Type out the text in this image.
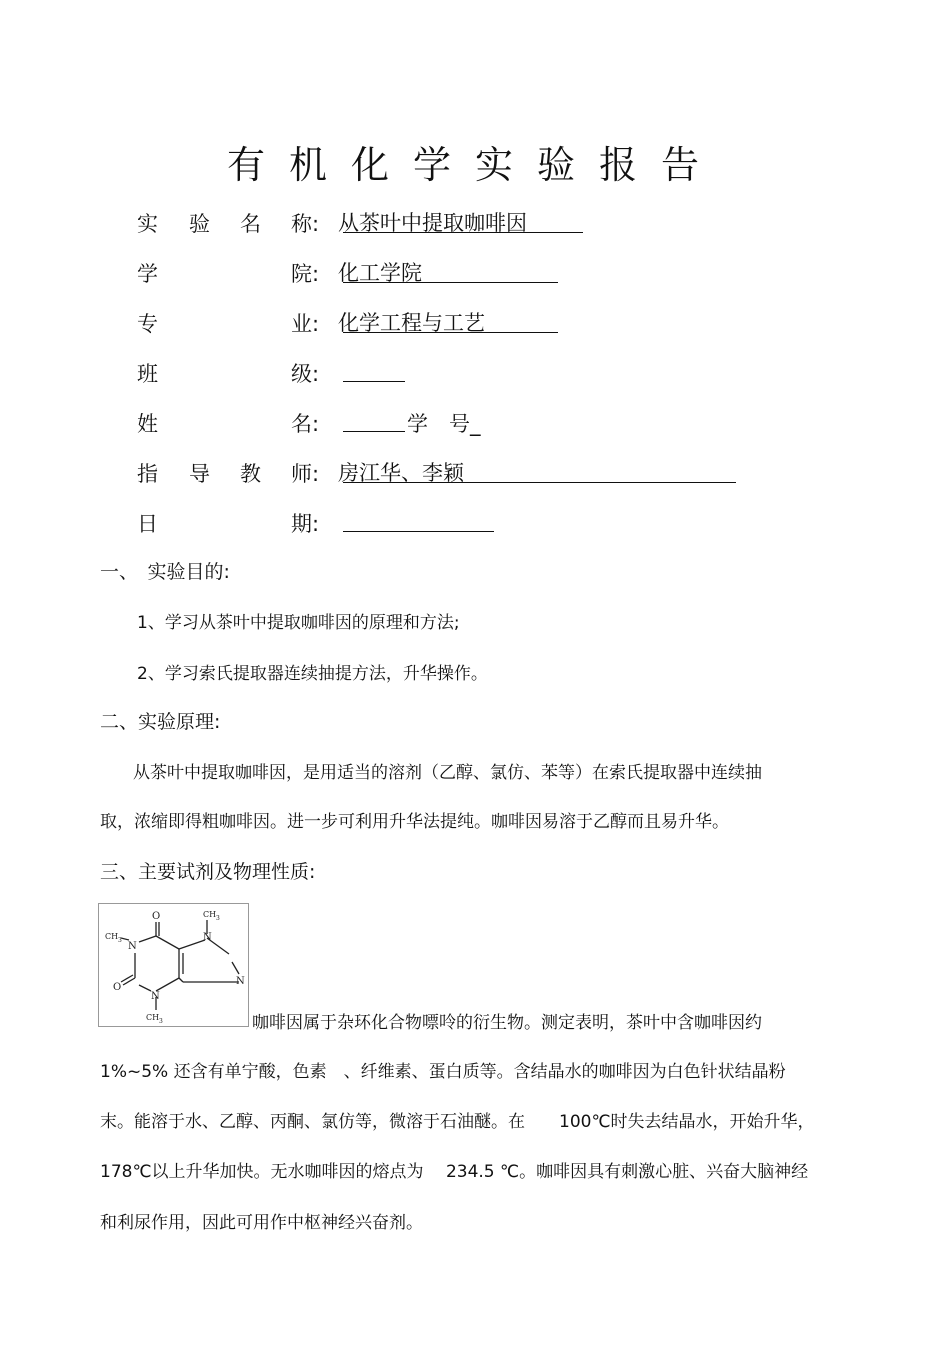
有机化学实验报告
实 验 名 称: 从茶叶中提取咖啡因
学	院: 化工学院
专	业: 化学工程与工艺
班	级:
姓	名:	学　号_
指 导 教 师: 房江华、李颖
日	期:
一、　实验目的:
1、学习从茶叶中提取咖啡因的原理和方法;
2、学习索氏提取器连续抽提方法，升华操作。
二、实验原理:
从茶叶中提取咖啡因，是用适当的溶剂（乙醇、氯仿、苯等）在索氏提取器中连续抽
取，浓缩即得粗咖啡因。进一步可利用升华法提纯。咖啡因易溶于乙醇而且易升华。
三、主要试剂及物理性质:
O
O
N
N
N
N
CH 3
CH 3
CH 3
咖啡因属于杂环化合物嘌呤的衍生物。测定表明，茶叶中含咖啡因约
1%~5% 还含有单宁酸，色素　、纤维素、蛋白质等。含结晶水的咖啡因为白色针状结晶粉
末。能溶于水、乙醇、丙酮、氯仿等，微溶于石油醚。在　　100℃时失去结晶水，开始升华，
178℃以上升华加快。无水咖啡因的熔点为　 234.5 ℃。咖啡因具有刺激心脏、兴奋大脑神经
和利尿作用，因此可用作中枢神经兴奋剂。
